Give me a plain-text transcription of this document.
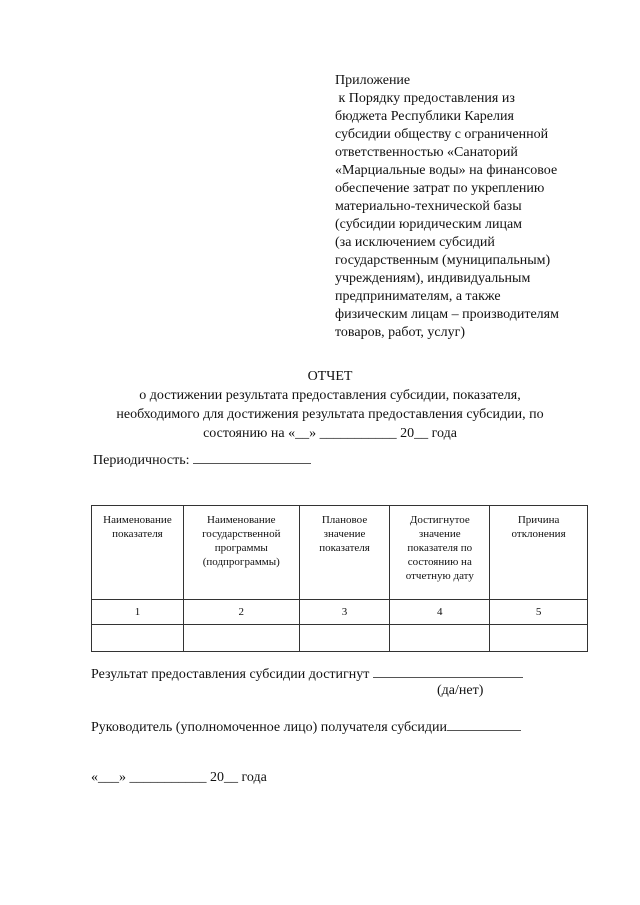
Приложение
к Порядку предоставления из
бюджета Республики Карелия
субсидии обществу с ограниченной
ответственностью «Санаторий
«Марциальные воды» на финансовое
обеспечение затрат по укреплению
материально-технической базы
(субсидии юридическим лицам
(за исключением субсидий
государственным (муниципальным)
учреждениям), индивидуальным
предпринимателям, а также
физическим лицам – производителям
товаров, работ, услуг)
ОТЧЕТ
о достижении результата предоставления субсидии, показателя,
необходимого для достижения результата предоставления субсидии, по
состоянию на «__» ___________ 20__ года
Периодичность:
Наименование показателя	Наименование государственной программы (подпрограммы)	Плановое значение показателя	Достигнутое значение показателя по состоянию на отчетную дату	Причина отклонения
1	2	3	4	5

Результат предоставления субсидии достигнут
(да/нет)
Руководитель (уполномоченное лицо) получателя субсидии
«___» ___________ 20__ года
